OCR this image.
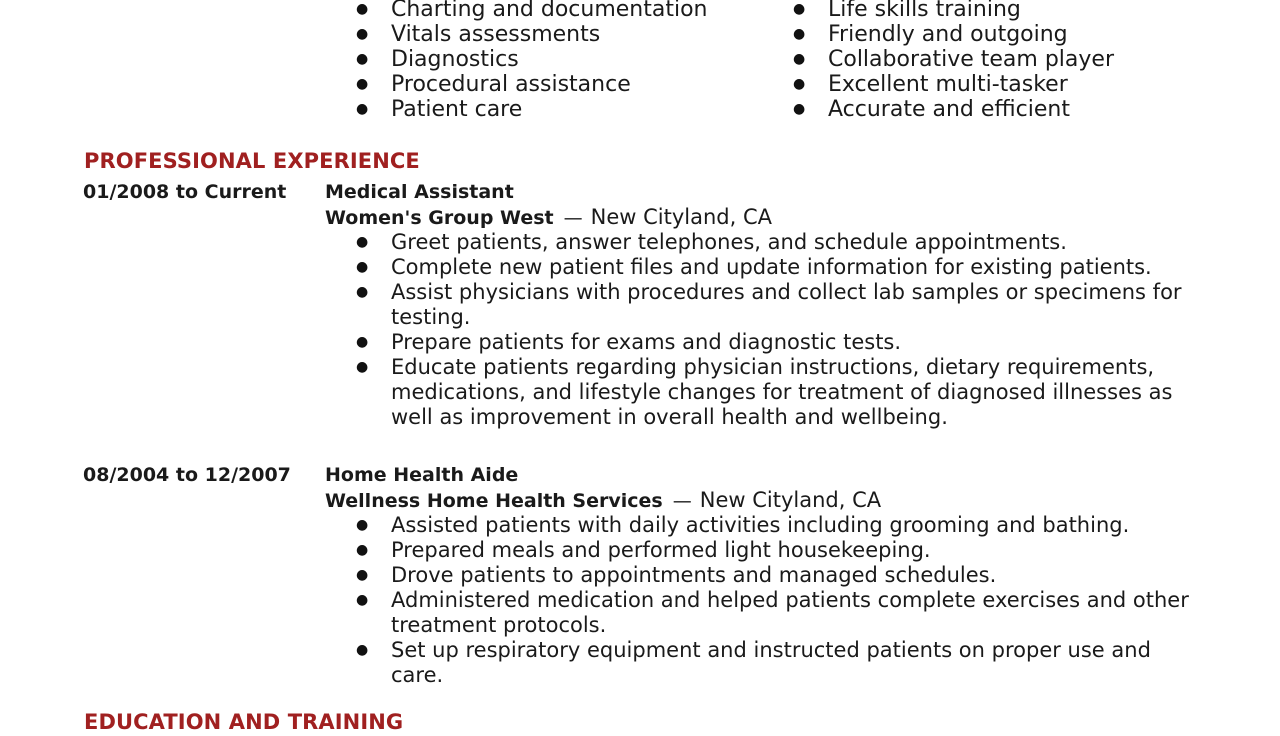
● Charting and documentation
● Vitals assessments
● Diagnostics
● Procedural assistance
● Patient care
● Life skills training
● Friendly and outgoing
● Collaborative team player
● Excellent multi-tasker
● Accurate and efficient
PROFESSIONAL EXPERIENCE
01/2008 to Current Medical Assistant
Women's Group West — New Cityland, CA
● Greet patients, answer telephones, and schedule appointments.
● Complete new patient files and update information for existing patients.
● Assist physicians with procedures and collect lab samples or specimens for testing.
● Prepare patients for exams and diagnostic tests.
● Educate patients regarding physician instructions, dietary requirements, medications, and lifestyle changes for treatment of diagnosed illnesses as well as improvement in overall health and wellbeing.
08/2004 to 12/2007 Home Health Aide
Wellness Home Health Services — New Cityland, CA
● Assisted patients with daily activities including grooming and bathing.
● Prepared meals and performed light housekeeping.
● Drove patients to appointments and managed schedules.
● Administered medication and helped patients complete exercises and other treatment protocols.
● Set up respiratory equipment and instructed patients on proper use and care.
EDUCATION AND TRAINING
